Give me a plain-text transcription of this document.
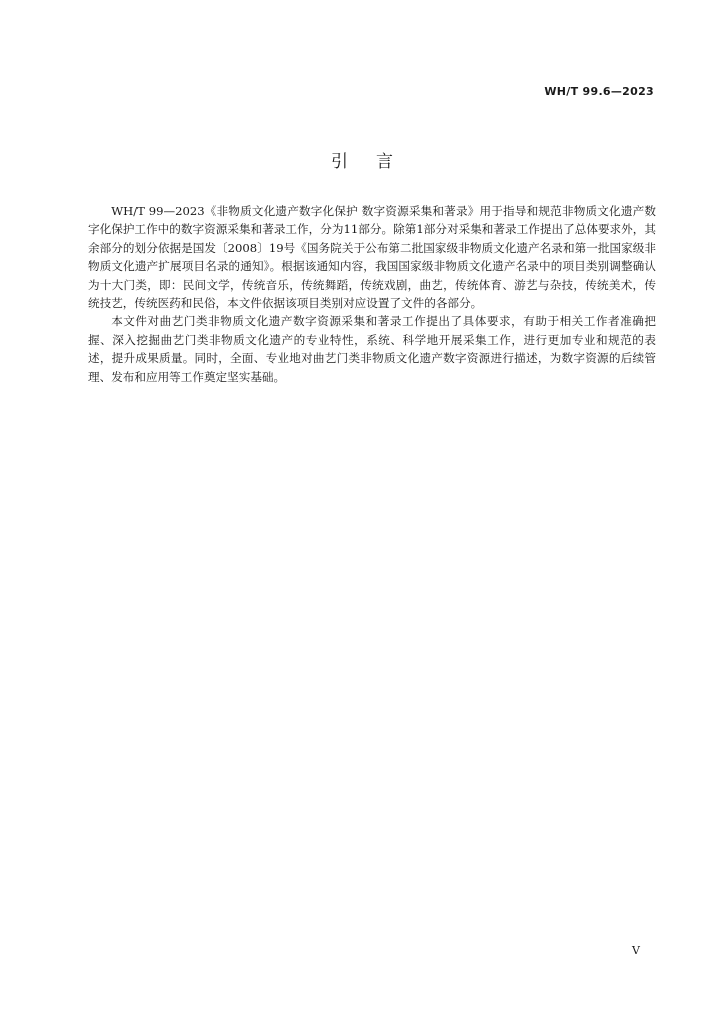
WH/T 99.6—2023
引言

WH/T 99—2023《非物质文化遗产数字化保护 数字资源采集和著录》用于指导和规范非物质文化遗产数字化保护工作中的数字资源采集和著录工作，分为11部分。除第1部分对采集和著录工作提出了总体要求外，其余部分的划分依据是国发〔2008〕19号《国务院关于公布第二批国家级非物质文化遗产名录和第一批国家级非物质文化遗产扩展项目名录的通知》。根据该通知内容，我国国家级非物质文化遗产名录中的项目类别调整确认为十大门类，即：民间文学，传统音乐，传统舞蹈，传统戏剧，曲艺，传统体育、游艺与杂技，传统美术，传统技艺，传统医药和民俗，本文件依据该项目类别对应设置了文件的各部分。

本文件对曲艺门类非物质文化遗产数字资源采集和著录工作提出了具体要求，有助于相关工作者准确把握、深入挖掘曲艺门类非物质文化遗产的专业特性，系统、科学地开展采集工作，进行更加专业和规范的表述，提升成果质量。同时，全面、专业地对曲艺门类非物质文化遗产数字资源进行描述，为数字资源的后续管理、发布和应用等工作奠定坚实基础。

V
